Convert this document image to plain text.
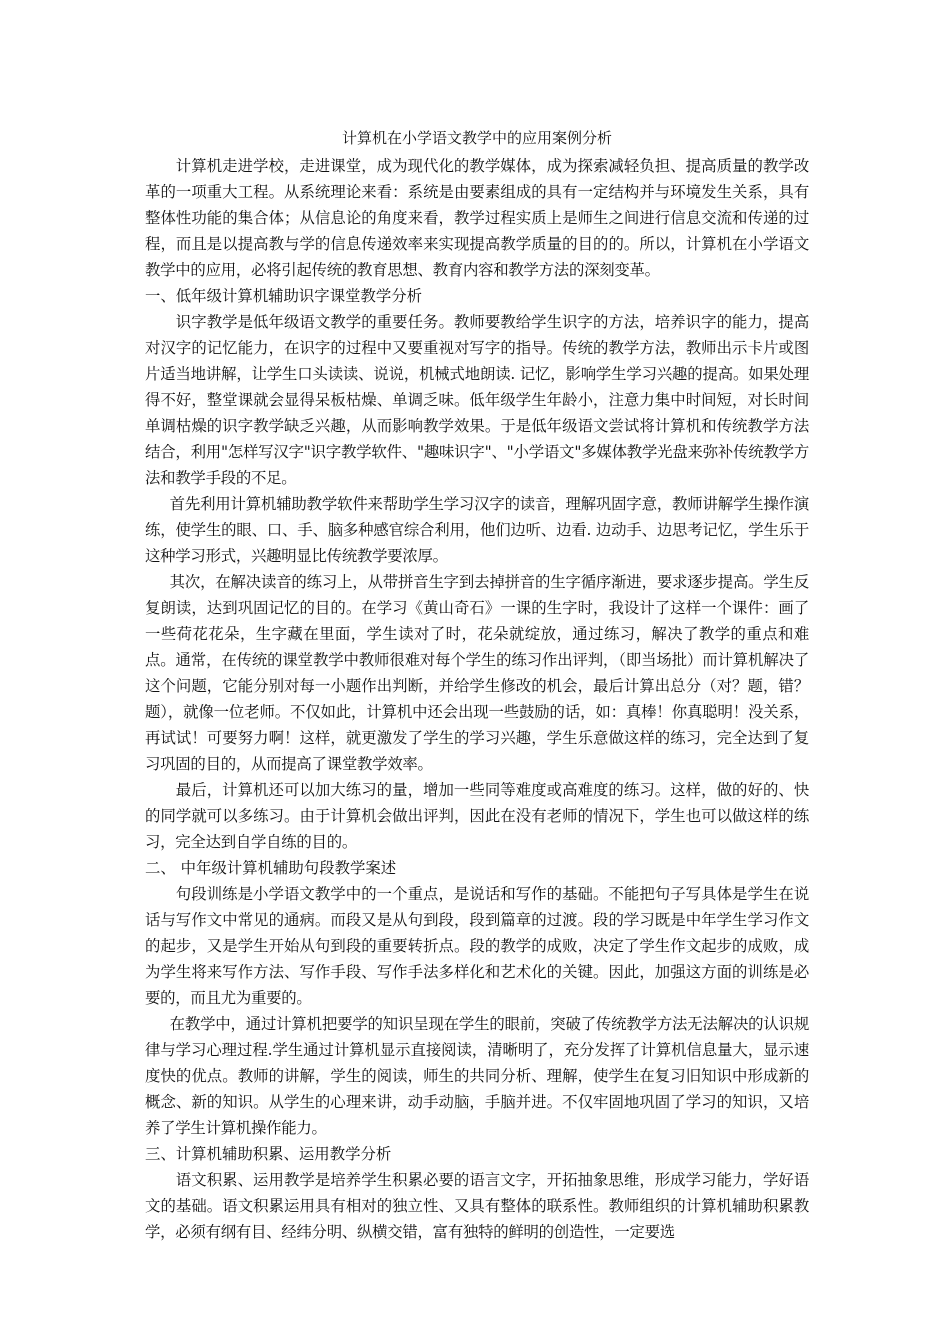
计算机在小学语文教学中的应用案例分析

计算机走进学校，走进课堂，成为现代化的教学媒体，成为探索减轻负担、提高质量的教学改革的一项重大工程。从系统理论来看：系统是由要素组成的具有一定结构并与环境发生关系，具有整体性功能的集合体；从信息论的角度来看，教学过程实质上是师生之间进行信息交流和传递的过程，而且是以提高教与学的信息传递效率来实现提高教学质量的目的的。所以，计算机在小学语文教学中的应用，必将引起传统的教育思想、教育内容和教学方法的深刻变革。

一、低年级计算机辅助识字课堂教学分析

识字教学是低年级语文教学的重要任务。教师要教给学生识字的方法，培养识字的能力，提高对汉字的记忆能力，在识字的过程中又要重视对写字的指导。传统的教学方法，教师出示卡片或图片适当地讲解，让学生口头读读、说说，机械式地朗读. 记忆，影响学生学习兴趣的提高。如果处理得不好，整堂课就会显得呆板枯燥、单调乏味。低年级学生年龄小，注意力集中时间短，对长时间单调枯燥的识字教学缺乏兴趣，从而影响教学效果。于是低年级语文尝试将计算机和传统教学方法结合，利用"怎样写汉字"识字教学软件、"趣味识字"、"小学语文"多媒体教学光盘来弥补传统教学方法和教学手段的不足。

首先利用计算机辅助教学软件来帮助学生学习汉字的读音，理解巩固字意，教师讲解学生操作演练，使学生的眼、口、手、脑多种感官综合利用，他们边听、边看. 边动手、边思考记忆，学生乐于这种学习形式，兴趣明显比传统教学要浓厚。

其次，在解决读音的练习上，从带拼音生字到去掉拼音的生字循序渐进，要求逐步提高。学生反复朗读，达到巩固记忆的目的。在学习《黄山奇石》一课的生字时，我设计了这样一个课件：画了一些荷花花朵，生字藏在里面，学生读对了时，花朵就绽放，通过练习，解决了教学的重点和难点。通常，在传统的课堂教学中教师很难对每个学生的练习作出评判，（即当场批）而计算机解决了这个问题，它能分别对每一小题作出判断，并给学生修改的机会，最后计算出总分（对？题，错？题），就像一位老师。不仅如此，计算机中还会出现一些鼓励的话，如：真棒！你真聪明！没关系，再试试！可要努力啊！这样，就更激发了学生的学习兴趣，学生乐意做这样的练习，完全达到了复习巩固的目的，从而提高了课堂教学效率。

最后，计算机还可以加大练习的量，增加一些同等难度或高难度的练习。这样，做的好的、快的同学就可以多练习。由于计算机会做出评判，因此在没有老师的情况下，学生也可以做这样的练习，完全达到自学自练的目的。

二、 中年级计算机辅助句段教学案述

句段训练是小学语文教学中的一个重点，是说话和写作的基础。不能把句子写具体是学生在说话与写作文中常见的通病。而段又是从句到段，段到篇章的过渡。段的学习既是中年学生学习作文的起步，又是学生开始从句到段的重要转折点。段的教学的成败，决定了学生作文起步的成败，成为学生将来写作方法、写作手段、写作手法多样化和艺术化的关键。因此，加强这方面的训练是必要的，而且尤为重要的。

在教学中，通过计算机把要学的知识呈现在学生的眼前，突破了传统教学方法无法解决的认识规律与学习心理过程.学生通过计算机显示直接阅读，清晰明了，充分发挥了计算机信息量大，显示速度快的优点。教师的讲解，学生的阅读，师生的共同分析、理解，使学生在复习旧知识中形成新的概念、新的知识。从学生的心理来讲，动手动脑，手脑并进。不仅牢固地巩固了学习的知识，又培养了学生计算机操作能力。

三、计算机辅助积累、运用教学分析

语文积累、运用教学是培养学生积累必要的语言文字，开拓抽象思维，形成学习能力，学好语文的基础。语文积累运用具有相对的独立性、又具有整体的联系性。教师组织的计算机辅助积累教学，必须有纲有目、经纬分明、纵横交错，富有独特的鲜明的创造性，一定要选
